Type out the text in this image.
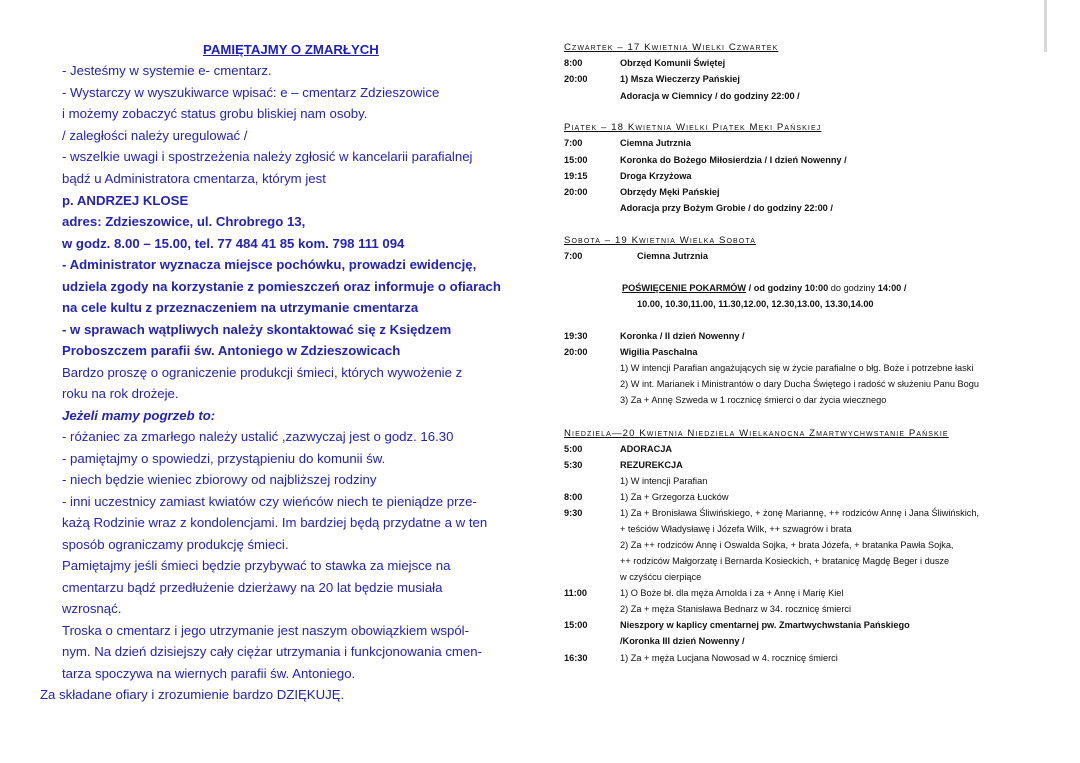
PAMIĘTAJMY O ZMARŁYCH
- Jesteśmy w systemie e- cmentarz.
- Wystarczy w wyszukiwarce wpisać: e – cmentarz Zdzieszowice
i możemy zobaczyć status grobu bliskiej nam osoby.
/ zaległości należy uregulować /
- wszelkie uwagi i spostrzeżenia należy zgłosić w kancelarii parafialnej
bądź u Administratora cmentarza, którym jest
p. ANDRZEJ KLOSE
adres: Zdzieszowice, ul. Chrobrego 13,
w godz. 8.00 – 15.00, tel. 77 484 41 85 kom. 798 111 094
- Administrator wyznacza miejsce pochówku, prowadzi ewidencję,
udziela zgody na korzystanie z pomieszczeń oraz informuje o ofiarach
na cele kultu z przeznaczeniem na utrzymanie cmentarza
- w sprawach wątpliwych należy skontaktować się z Księdzem
Proboszczem parafii św. Antoniego w Zdzieszowicach
Bardzo proszę o ograniczenie produkcji śmieci, których wywożenie z
roku na rok drożeje.
Jeżeli mamy pogrzeb to:
- różaniec za zmarłego należy ustalić ,zazwyczaj jest o godz. 16.30
- pamiętajmy o spowiedzi, przystąpieniu do komunii św.
- niech będzie wieniec zbiorowy od najbliższej rodziny
- inni uczestnicy zamiast kwiatów czy wieńców niech te pieniądze prze-
każą Rodzinie wraz z kondolencjami. Im bardziej będą przydatne a w ten
sposób ograniczamy produkcję śmieci.
Pamiętajmy jeśli śmieci będzie przybywać to stawka za miejsce na
cmentarzu bądź przedłużenie dzierżawy na 20 lat będzie musiała
wzrosnąć.
Troska o cmentarz i jego utrzymanie jest naszym obowiązkiem wspól-
nym. Na dzień dzisiejszy cały ciężar utrzymania i funkcjonowania cmen-
tarza spoczywa na wiernych parafii św. Antoniego.
Za składane ofiary i zrozumienie bardzo DZIĘKUJĘ.
Czwartek – 17 Kwietnia Wielki Czwartek
8:00	Obrzęd Komunii Świętej
20:00	1) Msza Wieczerzy Pańskiej
Adoracja w Ciemnicy / do godziny 22:00 /
Piątek – 18 Kwietnia Wielki Piątek Męki Pańskiej
7:00	Ciemna Jutrznia
15:00	Koronka do Bożego Miłosierdzia / I dzień Nowenny /
19:15	Droga Krzyżowa
20:00	Obrzędy Męki Pańskiej
Adoracja przy Bożym Grobie / do godziny 22:00 /
Sobota – 19 Kwietnia Wielka Sobota
7:00	Ciemna Jutrznia
POŚWIĘCENIE POKARMÓW / od godziny 10:00 do godziny 14:00 /
10.00, 10.30,11.00, 11.30,12.00, 12.30,13.00, 13.30,14.00
19:30	Koronka / II dzień Nowenny /
20:00	Wigilia Paschalna
1) W intencji Parafian angażujących się w życie parafialne o błg. Boże i potrzebne łaski
2) W int. Marianek i Ministrantów o dary Ducha Świętego i radość w służeniu Panu Bogu
3) Za + Annę Szweda w 1 rocznicę śmierci o dar życia wiecznego
Niedziela—20 Kwietnia Niedziela Wielkanocna Zmartwychwstanie Pańskie
5:00	ADORACJA
5:30	REZUREKCJA
1) W intencji Parafian
8:00	1) Za + Grzegorza Łucków
9:30	1) Za + Bronisława Śliwińskiego, + żonę Mariannę, ++ rodziców Annę i Jana Śliwińskich,
+ teściów Władysławę i Józefa Wilk, ++ szwagrów i brata
2) Za ++ rodziców Annę i Oswalda Sojka, + brata Józefa, + bratanka Pawła Sojka,
++ rodziców Małgorzatę i Bernarda Kosieckich, + bratanicę Magdę Beger i dusze
w czyśćcu cierpiące
11:00	1) O Boże bł. dla męża Arnolda i za + Annę i Marię Kiel
2) Za + męża Stanisława Bednarz w 34. rocznicę śmierci
15:00	Nieszpory w kaplicy cmentarnej pw. Zmartwychwstania Pańskiego
/Koronka III dzień Nowenny /
16:30	1) Za + męża Lucjana Nowosad w 4. rocznicę śmierci
